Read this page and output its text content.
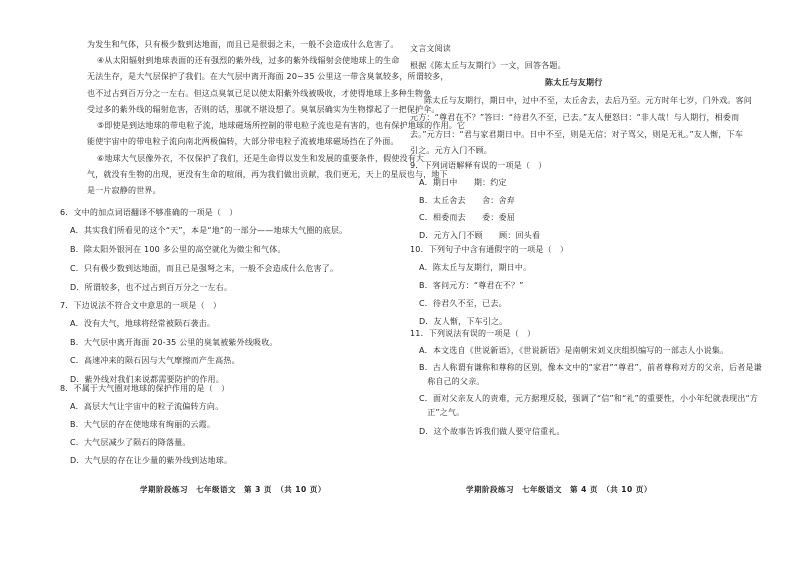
为发生和气体，只有极少数到达地面，而且已是很弱之末，一般不会造成什么危害了。
④从太阳辐射到地球表面的还有强烈的紫外线，过多的紫外线辐射会使地球上的生命
无法生存，是大气层保护了我们。在大气层中离开海面 20~35 公里这一带含臭氧较多，所谓较多，
也不过占到百万分之一左右。但这点臭氧已足以使太阳紫外线被吸收，才使得地球上多种生物免
受过多的紫外线的辐射危害，否则的话，那就不堪设想了。臭氧层确实为生物撑起了一把保护伞。
⑤即使是到达地球的带电粒子流，地球磁场所控制的带电粒子流也是有害的，也有保护地球的作用。它
能使宇宙中的带电粒子流向南北两极偏转，大部分带电粒子流被地球磁场挡在了外面。
⑥地球大气层像外衣，不仅保护了我们，还是生命得以发生和发展的重要条件，假使没有大
气，就没有生物的出现，更没有生命的喧闹，再为我们做出贡献，我们更无，天上的星辰也与，地下
是一片寂静的世界。
6．文中的加点词语翻译不够准确的一项是（　）
A．其实我们所看见的这个“天”，本是“地”的一部分——地球大气圈的底层。
B．除太阳外银河在 100 多公里的高空就化为微尘和气体。
C．只有极少数到达地面，而且已是强弩之末，一般不会造成什么危害了。
D．所谓较多，也不过占到百万分之一左右。
7．下边说法不符合文中意思的一项是（　）
A．没有大气，地球将经常被陨石袭击。
B．大气层中离开海面 20-35 公里的臭氧被紫外线吸收。
C．高速冲来的陨石因与大气摩擦而产生高热。
D．紫外线对我们来说都需要防护的作用。
8．不属于大气圈对地球的保护作用的是（　）
A．高层大气让宇宙中的粒子流偏转方向。
B．大气层的存在使地球有绚丽的云霞。
C．大气层减少了陨石的降落量。
D．大气层的存在让少量的紫外线到达地球。
学期阶段练习　七年级语文　第 3 页　（共 10 页）
文言文阅读
根据《陈太丘与友期行》一文，回答各题。
陈太丘与友期行
陈太丘与友期行，期日中，过中不至，太丘舍去，去后乃至。元方时年七岁，门外戏。客问
元方：“尊君在不？”答曰：“待君久不至，已去。”友人便怒曰：“非人哉！与人期行，相委而
去。”元方曰：“君与家君期日中。日中不至，则是无信；对子骂父，则是无礼。”友人惭，下车
引之。元方入门不顾。
9．下列词语解释有误的一项是（　）
A．期日中　　期：约定
B．太丘舍去　　舍：舍弃
C．相委而去　　委：委屈
D．元方入门不顾　　顾：回头看
10．下列句子中含有通假字的一项是（　）
A．陈太丘与友期行，期日中。
B．客问元方：“尊君在不？”
C．待君久不至，已去。
D．友人惭，下车引之。
11．下列说法有误的一项是（　）
A．本文选自《世说新语》，《世说新语》是南朝宋刘义庆组织编写的一部志人小说集。
B．古人称谓有谦称和尊称的区别，像本文中的“家君”“尊君”，前者尊称对方的父亲，后者是谦
　称自己的父亲。
C．面对父亲友人的责难，元方据理反驳，强调了“信”和“礼”的重要性，小小年纪就表现出“方
　正”之气。
D．这个故事告诉我们做人要守信重礼。
学期阶段练习　七年级语文　第 4 页　（共 10 页）
